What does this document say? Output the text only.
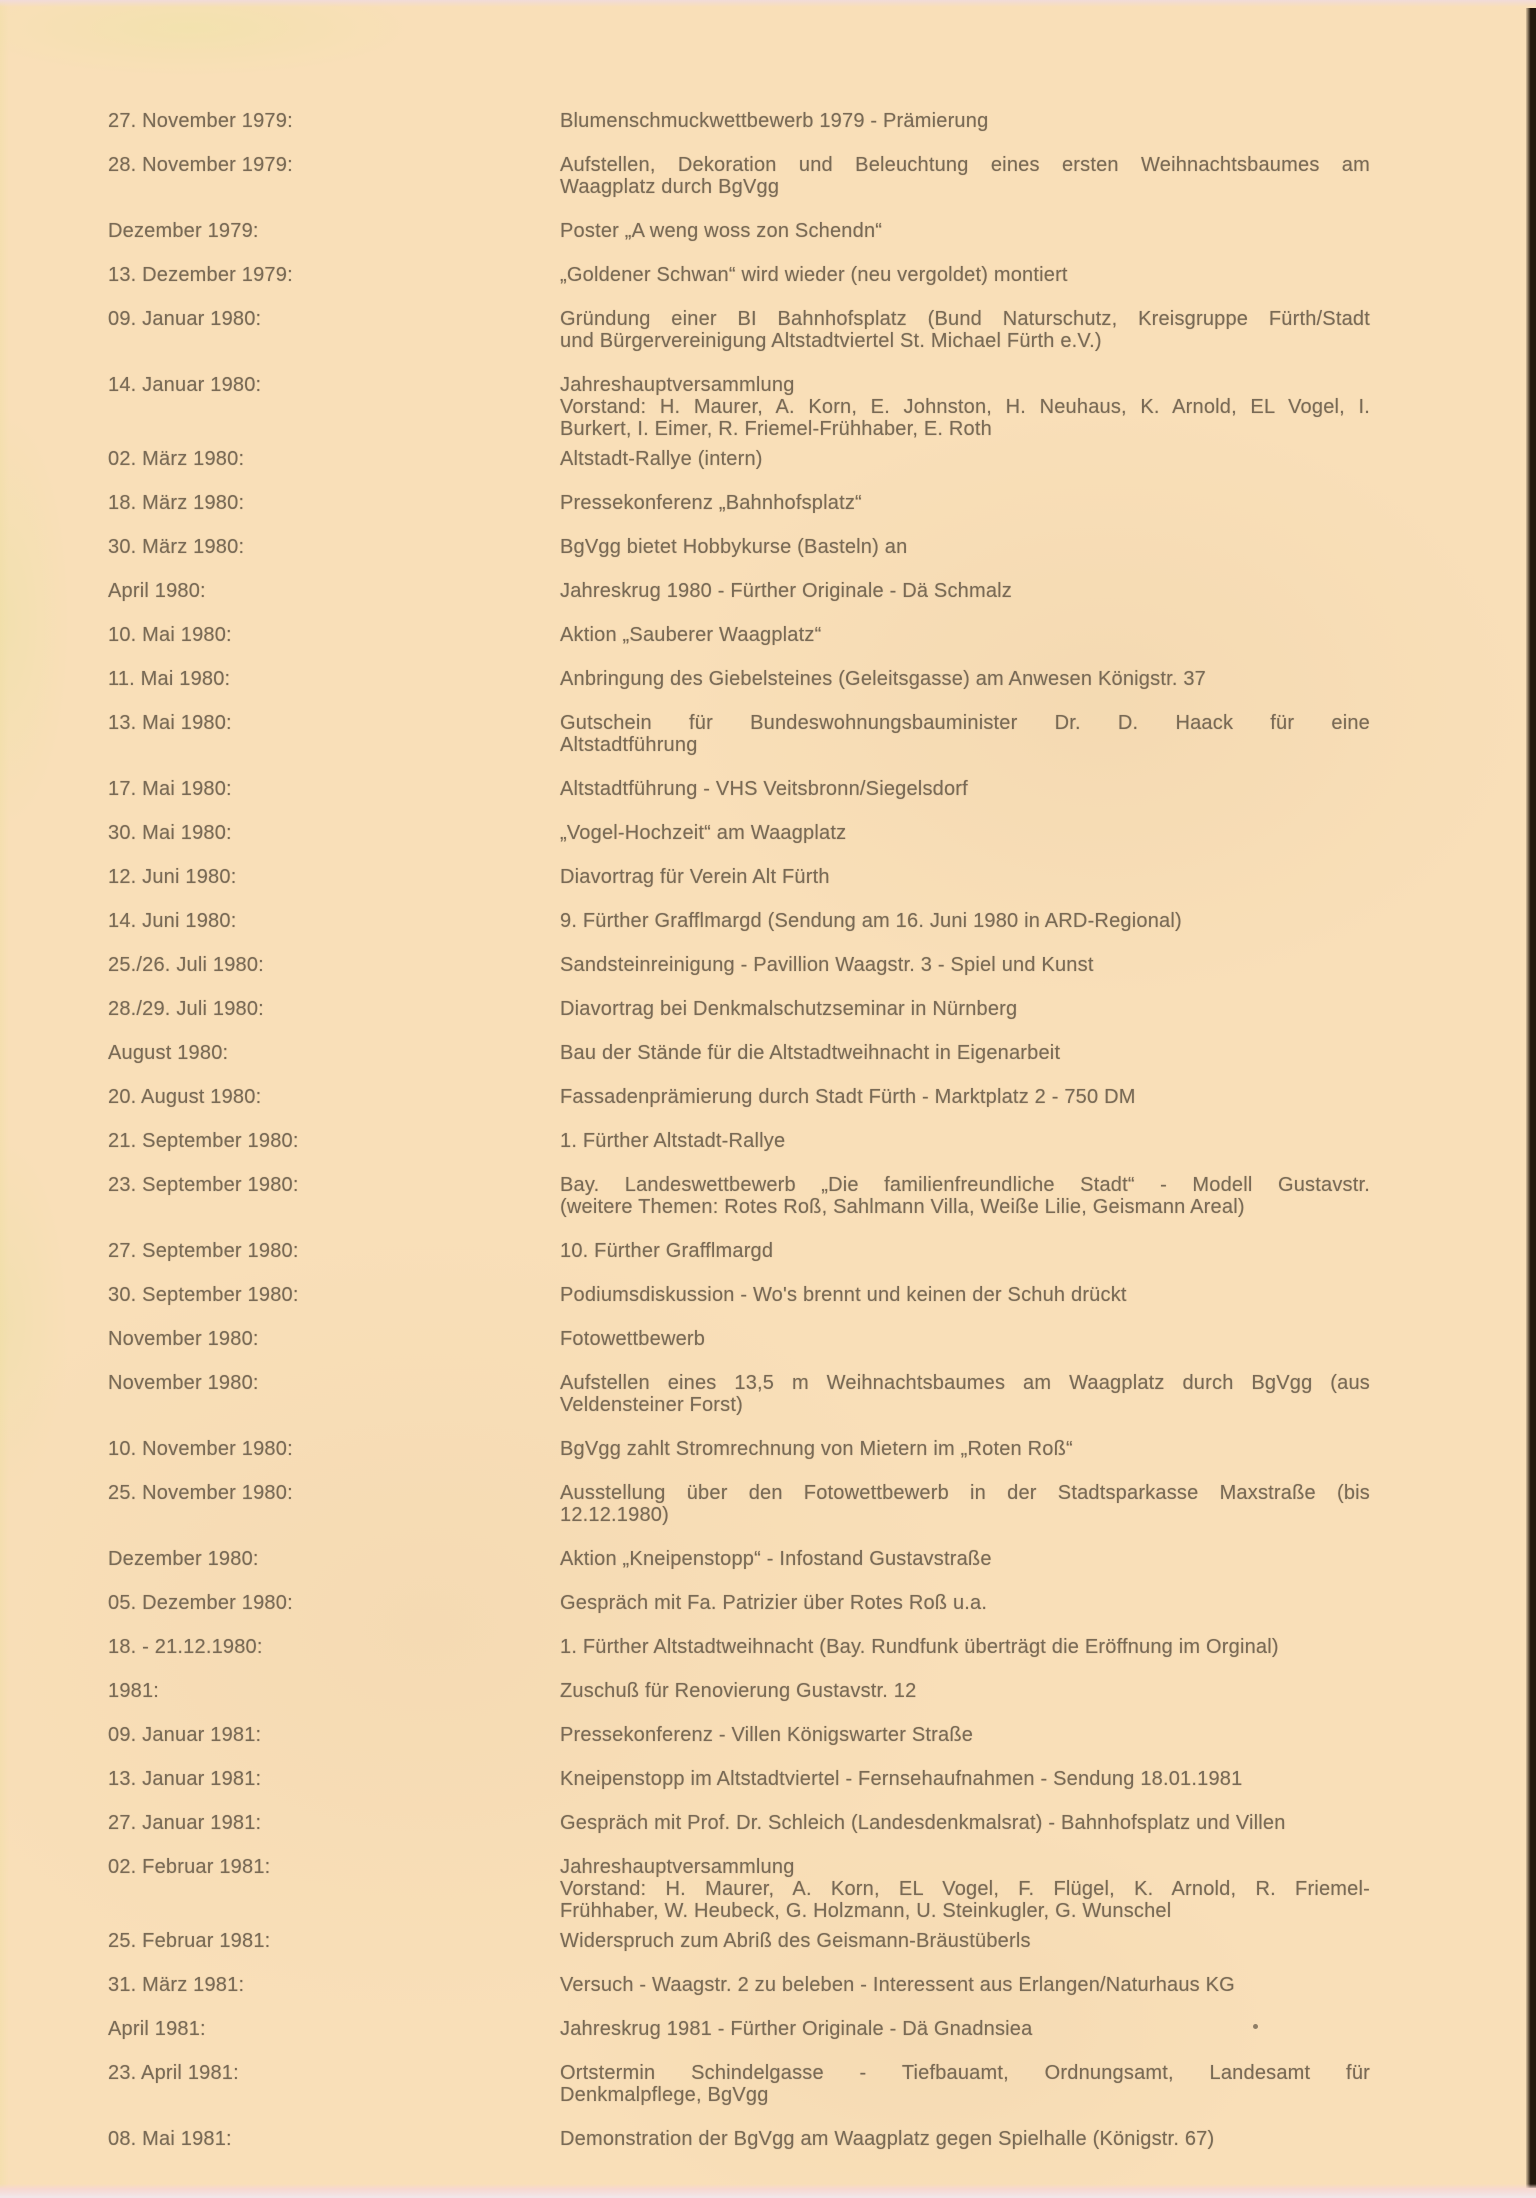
27. November 1979:	Blumenschmuckwettbewerb 1979 - Prämierung
28. November 1979:	Aufstellen, Dekoration und Beleuchtung eines ersten Weihnachtsbaumes am
Waagplatz durch BgVgg
Dezember 1979:	Poster „A weng woss zon Schendn“
13. Dezember 1979:	„Goldener Schwan“ wird wieder (neu vergoldet) montiert
09. Januar 1980:	Gründung einer BI Bahnhofsplatz (Bund Naturschutz, Kreisgruppe Fürth/Stadt
und Bürgervereinigung Altstadtviertel St. Michael Fürth e.V.)
14. Januar 1980:	Jahreshauptversammlung
Vorstand: H. Maurer, A. Korn, E. Johnston, H. Neuhaus, K. Arnold, EL Vogel, I.
Burkert, I. Eimer, R. Friemel-Frühhaber, E. Roth
02. März 1980:	Altstadt-Rallye (intern)
18. März 1980:	Pressekonferenz „Bahnhofsplatz“
30. März 1980:	BgVgg bietet Hobbykurse (Basteln) an
April 1980:	Jahreskrug 1980 - Fürther Originale - Dä Schmalz
10. Mai 1980:	Aktion „Sauberer Waagplatz“
11. Mai 1980:	Anbringung des Giebelsteines (Geleitsgasse) am Anwesen Königstr. 37
13. Mai 1980:	Gutschein für Bundeswohnungsbauminister Dr. D. Haack für eine
Altstadtführung
17. Mai 1980:	Altstadtführung - VHS Veitsbronn/Siegelsdorf
30. Mai 1980:	„Vogel-Hochzeit“ am Waagplatz
12. Juni 1980:	Diavortrag für Verein Alt Fürth
14. Juni 1980:	9. Fürther Grafflmargd (Sendung am 16. Juni 1980 in ARD-Regional)
25./26. Juli 1980:	Sandsteinreinigung - Pavillion Waagstr. 3 - Spiel und Kunst
28./29. Juli 1980:	Diavortrag bei Denkmalschutzseminar in Nürnberg
August 1980:	Bau der Stände für die Altstadtweihnacht in Eigenarbeit
20. August 1980:	Fassadenprämierung durch Stadt Fürth - Marktplatz 2 - 750 DM
21. September 1980:	1. Fürther Altstadt-Rallye
23. September 1980:	Bay. Landeswettbewerb „Die familienfreundliche Stadt“ - Modell Gustavstr.
(weitere Themen: Rotes Roß, Sahlmann Villa, Weiße Lilie, Geismann Areal)
27. September 1980:	10. Fürther Grafflmargd
30. September 1980:	Podiumsdiskussion - Wo's brennt und keinen der Schuh drückt
November 1980:	Fotowettbewerb
November 1980:	Aufstellen eines 13,5 m Weihnachtsbaumes am Waagplatz durch BgVgg (aus
Veldensteiner Forst)
10. November 1980:	BgVgg zahlt Stromrechnung von Mietern im „Roten Roß“
25. November 1980:	Ausstellung über den Fotowettbewerb in der Stadtsparkasse Maxstraße (bis
12.12.1980)
Dezember 1980:	Aktion „Kneipenstopp“ - Infostand Gustavstraße
05. Dezember 1980:	Gespräch mit Fa. Patrizier über Rotes Roß u.a.
18. - 21.12.1980:	1. Fürther Altstadtweihnacht (Bay. Rundfunk überträgt die Eröffnung im Orginal)
1981:	Zuschuß für Renovierung Gustavstr. 12
09. Januar 1981:	Pressekonferenz - Villen Königswarter Straße
13. Januar 1981:	Kneipenstopp im Altstadtviertel - Fernsehaufnahmen - Sendung 18.01.1981
27. Januar 1981:	Gespräch mit Prof. Dr. Schleich (Landesdenkmalsrat) - Bahnhofsplatz und Villen
02. Februar 1981:	Jahreshauptversammlung
Vorstand: H. Maurer, A. Korn, EL Vogel, F. Flügel, K. Arnold, R. Friemel-
Frühhaber, W. Heubeck, G. Holzmann, U. Steinkugler, G. Wunschel
25. Februar 1981:	Widerspruch zum Abriß des Geismann-Bräustüberls
31. März 1981:	Versuch - Waagstr. 2 zu beleben - Interessent aus Erlangen/Naturhaus KG
April 1981:	Jahreskrug 1981 - Fürther Originale - Dä Gnadnsiea
23. April 1981:	Ortstermin Schindelgasse - Tiefbauamt, Ordnungsamt, Landesamt für
Denkmalpflege, BgVgg
08. Mai 1981:	Demonstration der BgVgg am Waagplatz gegen Spielhalle (Königstr. 67)
